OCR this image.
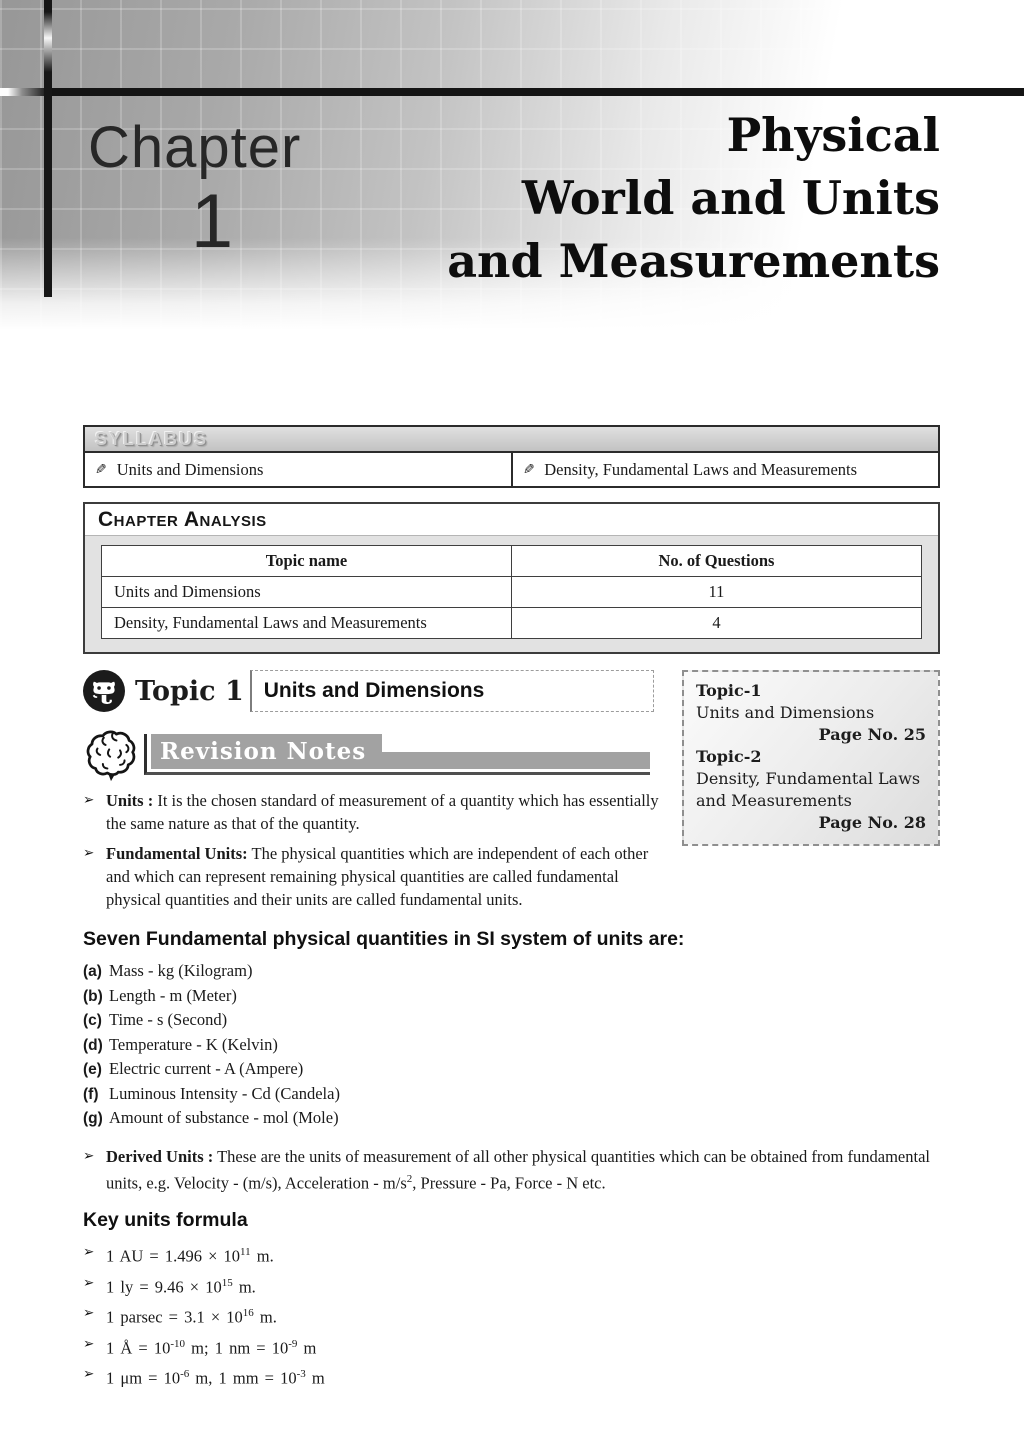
Chapter
1
Physical
World and Units
and Measurements
SYLLABUS
✎ Units and Dimensions	✎ Density, Fundamental Laws and Measurements
Chapter Analysis
Topic name	No. of Questions
Units and Dimensions	11
Density, Fundamental Laws and Measurements	4
Topic-1
Units and Dimensions
Page No. 25
Topic-2
Density, Fundamental Laws and Measurements
Page No. 28
Topic 1 Units and Dimensions
Revision Notes
➢ Units : It is the chosen standard of measurement of a quantity which has essentially the same nature as that of the quantity.
➢ Fundamental Units: The physical quantities which are independent of each other and which can represent remaining physical quantities are called fundamental physical quantities and their units are called fundamental units.
Seven Fundamental physical quantities in SI system of units are:
(a) Mass - kg (Kilogram)
(b) Length - m (Meter)
(c) Time - s (Second)
(d) Temperature - K (Kelvin)
(e) Electric current - A (Ampere)
(f) Luminous Intensity - Cd (Candela)
(g) Amount of substance - mol (Mole)
➢ Derived Units : These are the units of measurement of all other physical quantities which can be obtained from fundamental units, e.g. Velocity - (m/s), Acceleration - $m/s^2$, Pressure - Pa, Force - N etc.
Key units formula
➢ 1 AU = $1.496 \times 10^{11}$ m.
➢ 1 ly = $9.46 \times 10^{15}$ m.
➢ 1 $parsec = 3.1 \times 10^{16}$ m.
➢ 1 Å = $10^{-10}$ m; 1 nm = $10^{-9}$ m
➢ 1 $\mu m = 10^{-6}$ m, 1 mm = $10^{-3}$ m
